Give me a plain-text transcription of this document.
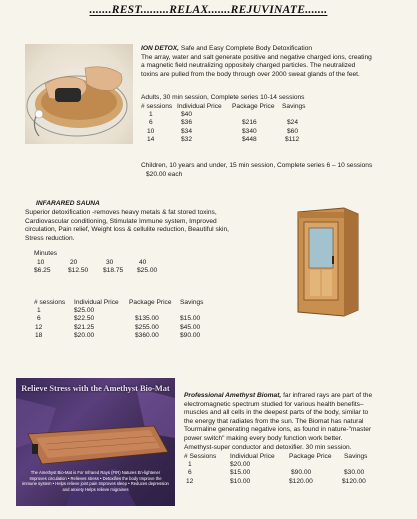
.......REST.........RELAX.......REJUVINATE.......
ION DETOX, Safe and Easy Complete Body Detoxification
The array, water and salt generate positive and negative charged ions, creating
a magnetic field neutralizing oppositely charged particles. The neutralized
toxins are pulled from the body through over 2000 sweat glands of the feet.
Adults, 30 min session, Complete series 10-14 sessions
# sessions Individual Price Package Price Savings
1	$40
6	$36	$216	$24
10	$34	$340	$60
14	$32	$448	$112
Children, 10 years and under, 15 min session, Complete series 6 – 10 sessions
$20.00 each
INFARARED SAUNA
Superior detoxification -removes heavy metals & fat stored toxins,
Cardiovascular conditioning, Stimulate Immune system, Improved
circulation, Pain relief, Weight loss & cellulite reduction, Beautiful skin,
Stress reduction.
Minutes
10	20	30	40
$6.25	$12.50 $18.75 $25.00
# sessions Individual Price Package Price Savings
1	$25.00
6	$22.50	$135.00	$15.00
12	$21.25	$255.00	$45.00
18	$20.00	$360.00	$90.00
Relieve Stress with the Amethyst Bio-Mat
The Amethyst Bio-Mat is For Infrared Rays (FIR) Natures En-lightener Improves circulation • Relieves stress • Detoxifies the body Improve the immune system • Helps relieve joint pain Improves sleep • Reduces depression and anxiety Helps relieve migraines
Professional Amethyst Biomat, far infrared rays are part of the
electromagnetic spectrum studied for various health benefits–
muscles and all cells in the deepest parts of the body, similar to
the energy that radiates from the sun. The Biomat has natural
Tourmaline generating negative ions, as found in nature-"master
power switch" making every body function work better.
Amethyst-super conductor and detoxifier. 30 min session.
# Sessions Individual Price Package Price Savings
1	$20.00
6	$15.00	$90.00	$30.00
12	$10.00	$120.00	$120.00
